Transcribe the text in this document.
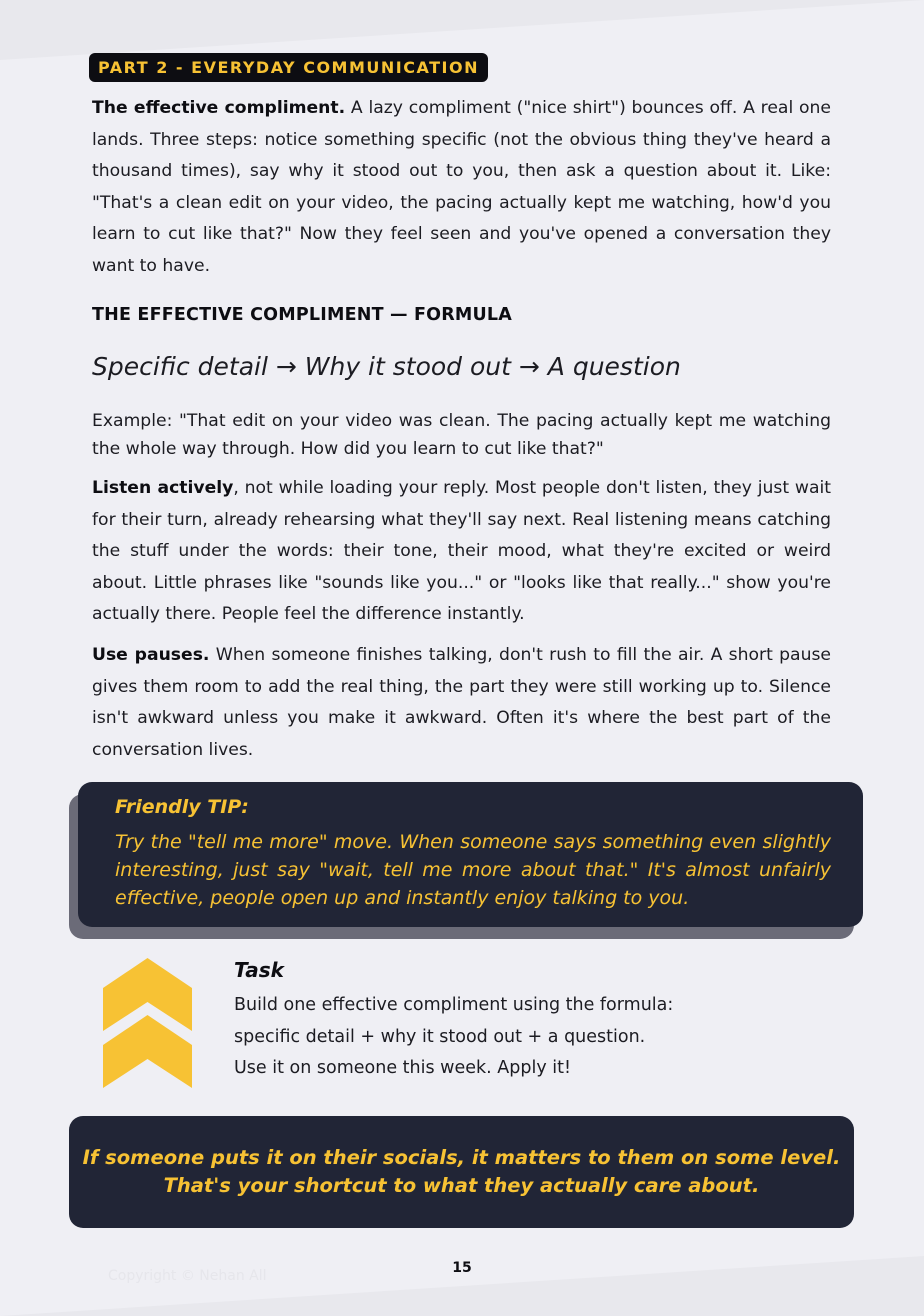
PART 2 - EVERYDAY COMMUNICATION

The effective compliment. A lazy compliment ("nice shirt") bounces off. A real one lands. Three steps: notice something specific (not the obvious thing they've heard a thousand times), say why it stood out to you, then ask a question about it. Like: "That's a clean edit on your video, the pacing actually kept me watching, how'd you learn to cut like that?" Now they feel seen and you've opened a conversation they want to have.

THE EFFECTIVE COMPLIMENT — FORMULA
Specific detail → Why it stood out → A question

Example: "That edit on your video was clean. The pacing actually kept me watching the whole way through. How did you learn to cut like that?"

Listen actively, not while loading your reply. Most people don't listen, they just wait for their turn, already rehearsing what they'll say next. Real listening means catching the stuff under the words: their tone, their mood, what they're excited or weird about. Little phrases like "sounds like you..." or "looks like that really..." show you're actually there. People feel the difference instantly.

Use pauses. When someone finishes talking, don't rush to fill the air. A short pause gives them room to add the real thing, the part they were still working up to. Silence isn't awkward unless you make it awkward. Often it's where the best part of the conversation lives.

Friendly TIP:

Try the "tell me more" move. When someone says something even slightly interesting, just say "wait, tell me more about that." It's almost unfairly effective, people open up and instantly enjoy talking to you.

Task
Build one effective compliment using the formula:
specific detail + why it stood out + a question.
Use it on someone this week. Apply it!

If someone puts it on their socials, it matters to them on some level.
That's your shortcut to what they actually care about.

Copyright © Nehan All	15
